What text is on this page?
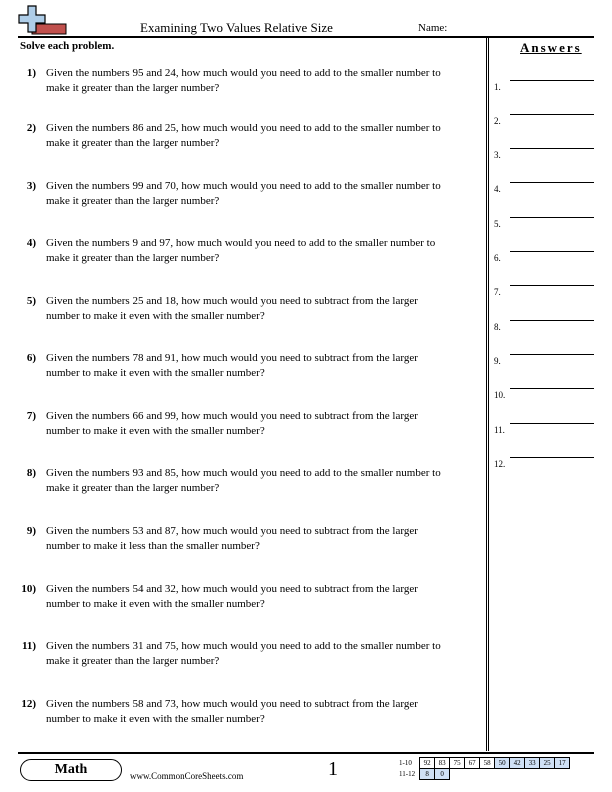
Examining Two Values Relative Size	Name:
Solve each problem.	Answers
1) Given the numbers 95 and 24, how much would you need to add to the smaller number to
make it greater than the larger number?
2) Given the numbers 86 and 25, how much would you need to add to the smaller number to
make it greater than the larger number?
3) Given the numbers 99 and 70, how much would you need to add to the smaller number to
make it greater than the larger number?
4) Given the numbers 9 and 97, how much would you need to add to the smaller number to
make it greater than the larger number?
5) Given the numbers 25 and 18, how much would you need to subtract from the larger
number to make it even with the smaller number?
6) Given the numbers 78 and 91, how much would you need to subtract from the larger
number to make it even with the smaller number?
7) Given the numbers 66 and 99, how much would you need to subtract from the larger
number to make it even with the smaller number?
8) Given the numbers 93 and 85, how much would you need to add to the smaller number to
make it greater than the larger number?
9) Given the numbers 53 and 87, how much would you need to subtract from the larger
number to make it less than the smaller number?
10) Given the numbers 54 and 32, how much would you need to subtract from the larger
number to make it even with the smaller number?
11) Given the numbers 31 and 75, how much would you need to add to the smaller number to
make it greater than the larger number?
12) Given the numbers 58 and 73, how much would you need to subtract from the larger
number to make it even with the smaller number?
1.
2.
3.
4.
5.
6.
7.
8.
9.
10.
11.
12.
Math	www.CommonCoreSheets.com	1	1-10	92	83	75	67	58	50	42	33	25	17
11-12	8	0								
